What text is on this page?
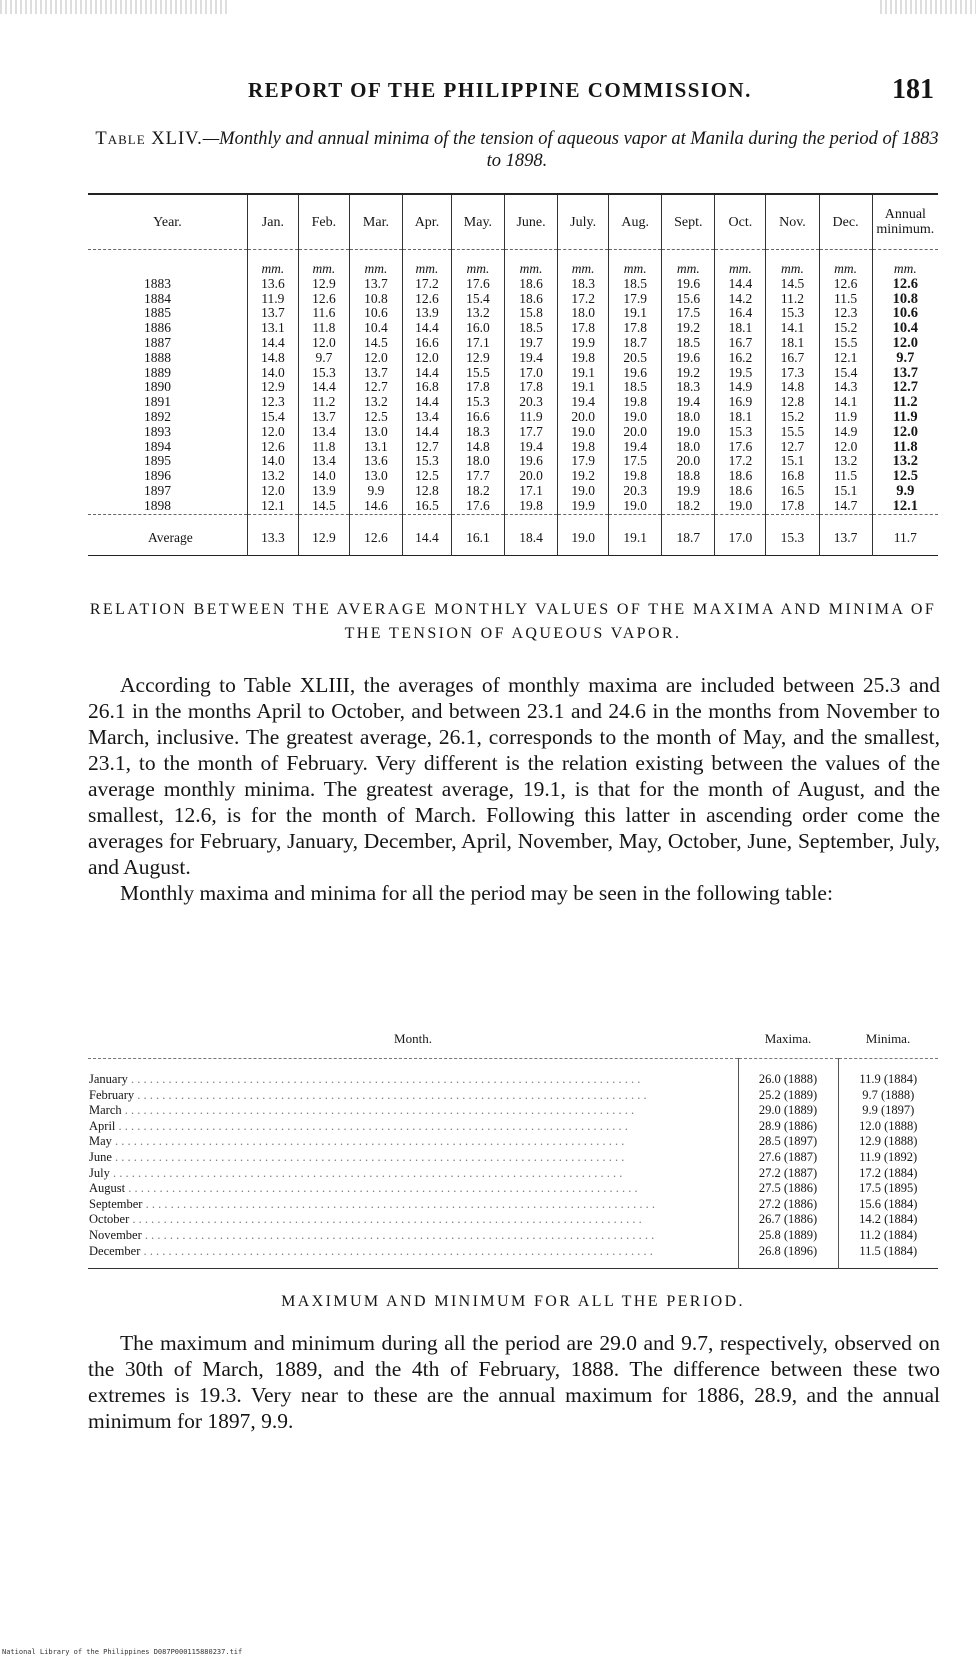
REPORT OF THE PHILIPPINE COMMISSION.	181
Table XLIV.—Monthly and annual minima of the tension of aqueous vapor at Manila during the period of 1883 to 1898.
Year.	Jan.	Feb.	Mar.	Apr.	May.	June.	July.	Aug.	Sept.	Oct.	Nov.	Dec.	Annual minimum.
	mm.	mm.	mm.	mm.	mm.	mm.	mm.	mm.	mm.	mm.	mm.	mm.	mm.
1883	13.6	12.9	13.7	17.2	17.6	18.6	18.3	18.5	19.6	14.4	14.5	12.6	12.6
1884	11.9	12.6	10.8	12.6	15.4	18.6	17.2	17.9	15.6	14.2	11.2	11.5	10.8
1885	13.7	11.6	10.6	13.9	13.2	15.8	18.0	19.1	17.5	16.4	15.3	12.3	10.6
1886	13.1	11.8	10.4	14.4	16.0	18.5	17.8	17.8	19.2	18.1	14.1	15.2	10.4
1887	14.4	12.0	14.5	16.6	17.1	19.7	19.9	18.7	18.5	16.7	18.1	15.5	12.0
1888	14.8	9.7	12.0	12.0	12.9	19.4	19.8	20.5	19.6	16.2	16.7	12.1	9.7
1889	14.0	15.3	13.7	14.4	15.5	17.0	19.1	19.6	19.2	19.5	17.3	15.4	13.7
1890	12.9	14.4	12.7	16.8	17.8	17.8	19.1	18.5	18.3	14.9	14.8	14.3	12.7
1891	12.3	11.2	13.2	14.4	15.3	20.3	19.4	19.8	19.4	16.9	12.8	14.1	11.2
1892	15.4	13.7	12.5	13.4	16.6	11.9	20.0	19.0	18.0	18.1	15.2	11.9	11.9
1893	12.0	13.4	13.0	14.4	18.3	17.7	19.0	20.0	19.0	15.3	15.5	14.9	12.0
1894	12.6	11.8	13.1	12.7	14.8	19.4	19.8	19.4	18.0	17.6	12.7	12.0	11.8
1895	14.0	13.4	13.6	15.3	18.0	19.6	17.9	17.5	20.0	17.2	15.1	13.2	13.2
1896	13.2	14.0	13.0	12.5	17.7	20.0	19.2	19.8	18.8	18.6	16.8	11.5	12.5
1897	12.0	13.9	9.9	12.8	18.2	17.1	19.0	20.3	19.9	18.6	16.5	15.1	9.9
1898	12.1	14.5	14.6	16.5	17.6	19.8	19.9	19.0	18.2	19.0	17.8	14.7	12.1
Average	13.3	12.9	12.6	14.4	16.1	18.4	19.0	19.1	18.7	17.0	15.3	13.7	11.7
RELATION BETWEEN THE AVERAGE MONTHLY VALUES OF THE MAXIMA AND MINIMA OF THE TENSION OF AQUEOUS VAPOR.

According to Table XLIII, the averages of monthly maxima are included between 25.3 and 26.1 in the months April to October, and between 23.1 and 24.6 in the months from November to March, inclusive. The greatest average, 26.1, corresponds to the month of May, and the smallest, 23.1, to the month of February. Very different is the relation existing between the values of the average monthly minima. The greatest average, 19.1, is that for the month of August, and the smallest, 12.6, is for the month of March. Following this latter in ascending order come the averages for February, January, December, April, November, May, October, June, September, July, and August.

Monthly maxima and minima for all the period may be seen in the following table:

Month.	Maxima.	Minima.
January . . .	26.0 (1888)	11.9 (1884)
February . . .	25.2 (1889)	9.7 (1888)
March . . .	29.0 (1889)	9.9 (1897)
April . . .	28.9 (1886)	12.0 (1888)
May . . .	28.5 (1897)	12.9 (1888)
June . . .	27.6 (1887)	11.9 (1892)
July . . .	27.2 (1887)	17.2 (1884)
August . . .	27.5 (1886)	17.5 (1895)
September . . .	27.2 (1886)	15.6 (1884)
October . . .	26.7 (1886)	14.2 (1884)
November . . .	25.8 (1889)	11.2 (1884)
December . . .	26.8 (1896)	11.5 (1884)
MAXIMUM AND MINIMUM FOR ALL THE PERIOD.

The maximum and minimum during all the period are 29.0 and 9.7, respectively, observed on the 30th of March, 1889, and the 4th of February, 1888. The difference between these two extremes is 19.3. Very near to these are the annual maximum for 1886, 28.9, and the annual minimum for 1897, 9.9.

National Library of the Philippines D087P000115880237.tif
